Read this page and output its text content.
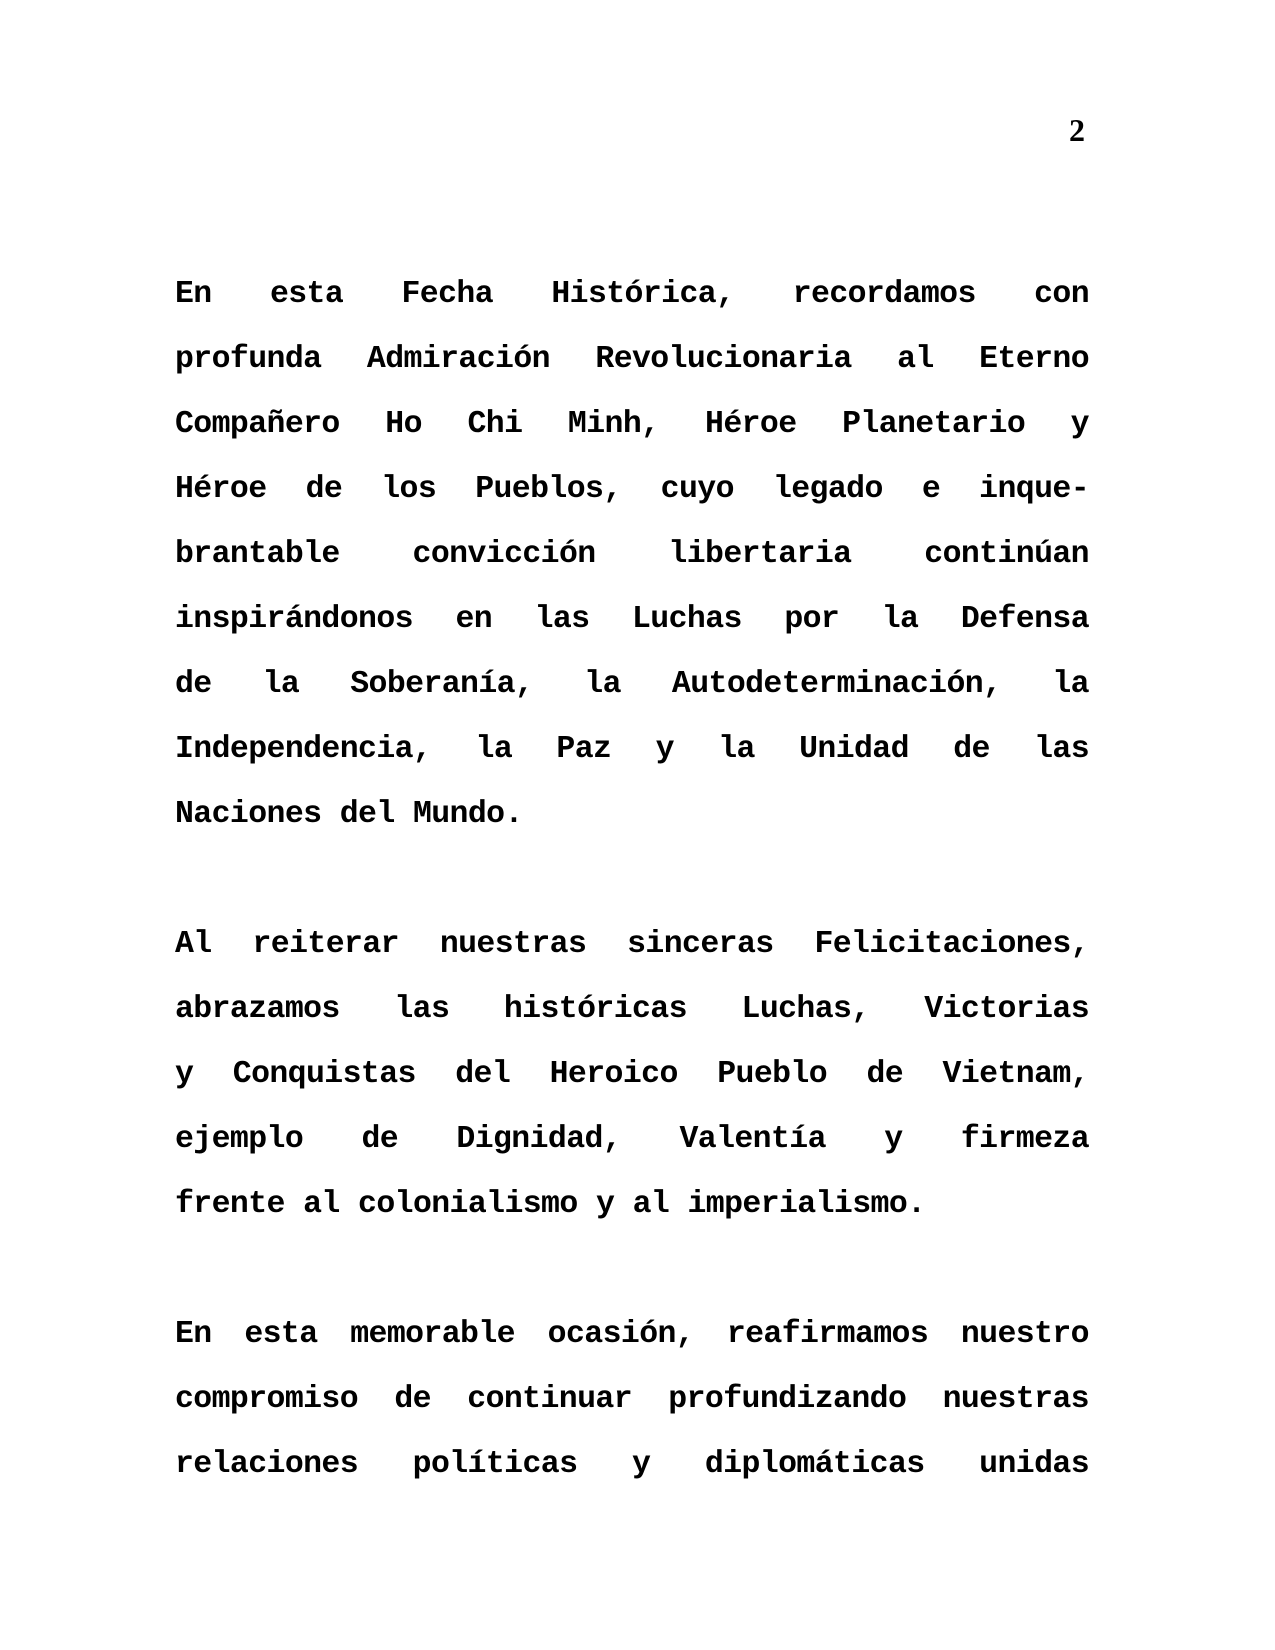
2
En esta Fecha Histórica, recordamos con
profunda Admiración Revolucionaria al Eterno
Compañero Ho Chi Minh, Héroe Planetario y
Héroe de los Pueblos, cuyo legado e inque-
brantable convicción libertaria continúan
inspirándonos en las Luchas por la Defensa
de la Soberanía, la Autodeterminación, la
Independencia, la Paz y la Unidad de las
Naciones del Mundo.
Al reiterar nuestras sinceras Felicitaciones,
abrazamos las históricas Luchas, Victorias
y Conquistas del Heroico Pueblo de Vietnam,
ejemplo de Dignidad, Valentía y firmeza
frente al colonialismo y al imperialismo.
En esta memorable ocasión, reafirmamos nuestro
compromiso de continuar profundizando nuestras
relaciones políticas y diplomáticas unidas
